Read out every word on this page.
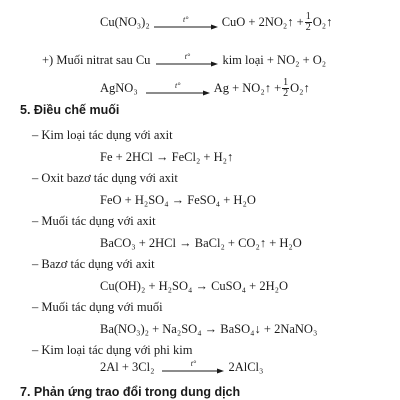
Cu(NO₃)₂	t°	CuO + 2NO₂↑ + $\frac{1}{2}$ O₂↑
+) Muối nitrat sau Cu	t°	kim loại + NO₂ + O₂
AgNO₃	t°	Ag + NO₂↑ + $\frac{1}{2}$ O₂↑
5. Điều chế muối
– Kim loại tác dụng với axit
Fe + 2HCl → FeCl₂ + H₂↑
– Oxit bazơ tác dụng với axit
FeO + H₂SO₄ → FeSO₄ + H₂O
– Muối tác dụng với axit
BaCO₃ + 2HCl → BaCl₂ + CO₂↑ + H₂O
– Bazơ tác dụng với axit
Cu(OH)₂ + H₂SO₄ → CuSO₄ + 2H₂O
– Muối tác dụng với muối
Ba(NO₃)₂ + Na₂SO₄ → BaSO₄↓ + 2NaNO₃
– Kim loại tác dụng với phi kim
2Al + 3Cl₂	t°	2AlCl₃
7. Phản ứng trao đổi trong dung dịch
